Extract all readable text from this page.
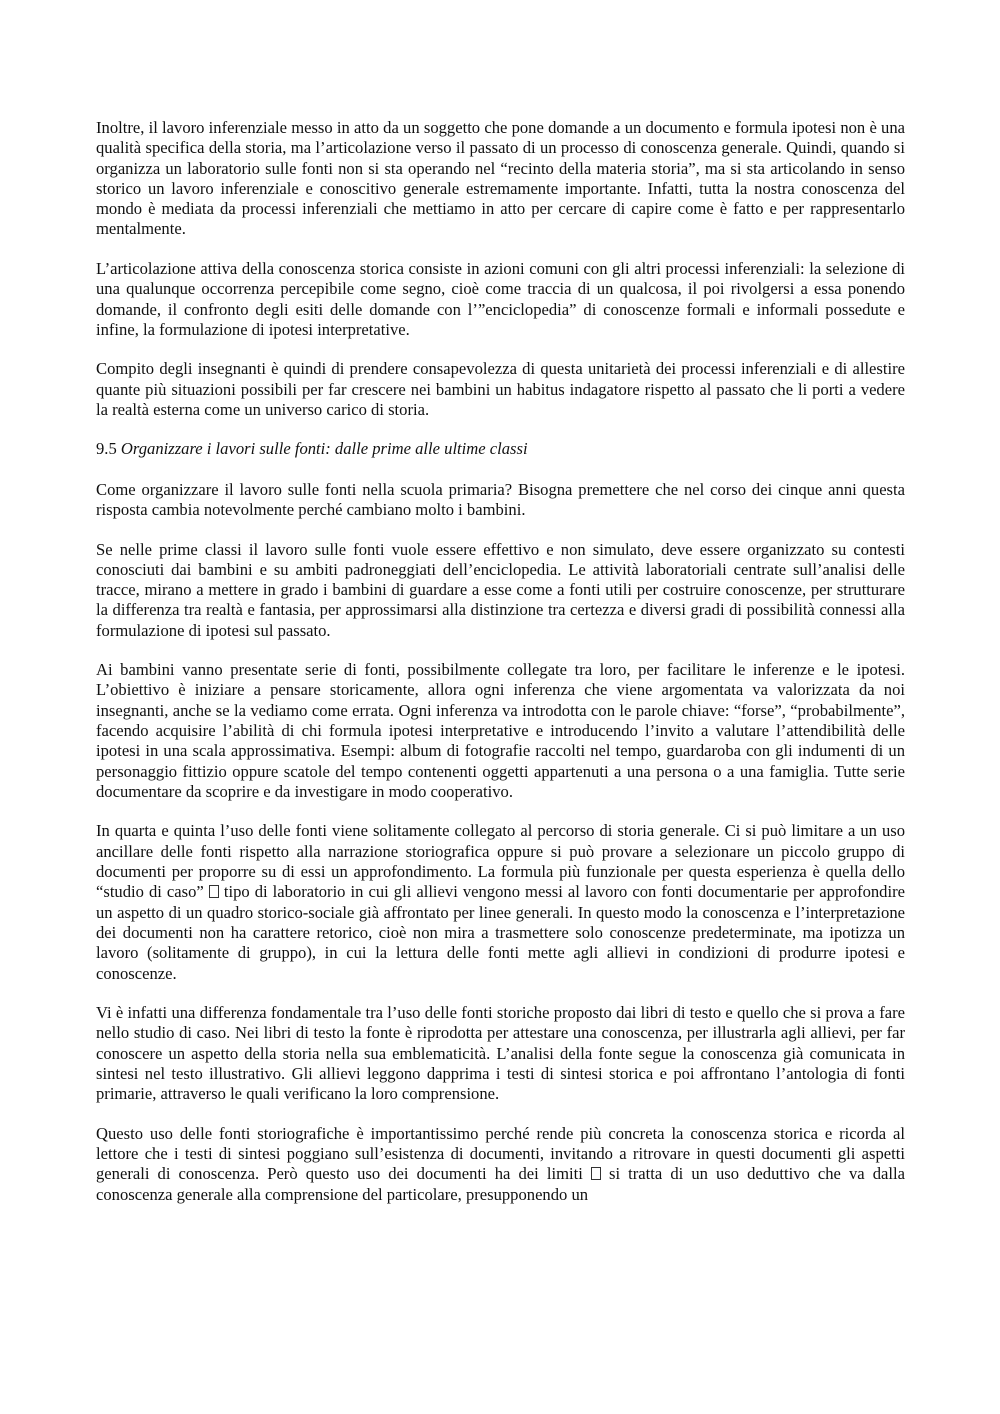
Inoltre, il lavoro inferenziale messo in atto da un soggetto che pone domande a un documento e formula ipotesi non è una qualità specifica della storia, ma l’articolazione verso il passato di un processo di conoscenza generale. Quindi, quando si organizza un laboratorio sulle fonti non si sta operando nel “recinto della materia storia”, ma si sta articolando in senso storico un lavoro inferenziale e conoscitivo generale estremamente importante. Infatti, tutta la nostra conoscenza del mondo è mediata da processi inferenziali che mettiamo in atto per cercare di capire come è fatto e per rappresentarlo mentalmente.

L’articolazione attiva della conoscenza storica consiste in azioni comuni con gli altri processi inferenziali: la selezione di una qualunque occorrenza percepibile come segno, cioè come traccia di un qualcosa, il poi rivolgersi a essa ponendo domande, il confronto degli esiti delle domande con l’”enciclopedia” di conoscenze formali e informali possedute e infine, la formulazione di ipotesi interpretative.

Compito degli insegnanti è quindi di prendere consapevolezza di questa unitarietà dei processi inferenziali e di allestire quante più situazioni possibili per far crescere nei bambini un habitus indagatore rispetto al passato che li porti a vedere la realtà esterna come un universo carico di storia.

9.5 Organizzare i lavori sulle fonti: dalle prime alle ultime classi

Come organizzare il lavoro sulle fonti nella scuola primaria? Bisogna premettere che nel corso dei cinque anni questa risposta cambia notevolmente perché cambiano molto i bambini.

Se nelle prime classi il lavoro sulle fonti vuole essere effettivo e non simulato, deve essere organizzato su contesti conosciuti dai bambini e su ambiti padroneggiati dell’enciclopedia. Le attività laboratoriali centrate sull’analisi delle tracce, mirano a mettere in grado i bambini di guardare a esse come a fonti utili per costruire conoscenze, per strutturare la differenza tra realtà e fantasia, per approssimarsi alla distinzione tra certezza e diversi gradi di possibilità connessi alla formulazione di ipotesi sul passato.

Ai bambini vanno presentate serie di fonti, possibilmente collegate tra loro, per facilitare le inferenze e le ipotesi. L’obiettivo è iniziare a pensare storicamente, allora ogni inferenza che viene argomentata va valorizzata da noi insegnanti, anche se la vediamo come errata. Ogni inferenza va introdotta con le parole chiave: “forse”, “probabilmente”, facendo acquisire l’abilità di chi formula ipotesi interpretative e introducendo l’invito a valutare l’attendibilità delle ipotesi in una scala approssimativa. Esempi: album di fotografie raccolti nel tempo, guardaroba con gli indumenti di un personaggio fittizio oppure scatole del tempo contenenti oggetti appartenuti a una persona o a una famiglia. Tutte serie documentare da scoprire e da investigare in modo cooperativo.

In quarta e quinta l’uso delle fonti viene solitamente collegato al percorso di storia generale. Ci si può limitare a un uso ancillare delle fonti rispetto alla narrazione storiografica oppure si può provare a selezionare un piccolo gruppo di documenti per proporre su di essi un approfondimento. La formula più funzionale per questa esperienza è quella dello “studio di caso” tipo di laboratorio in cui gli allievi vengono messi al lavoro con fonti documentarie per approfondire un aspetto di un quadro storico-sociale già affrontato per linee generali. In questo modo la conoscenza e l’interpretazione dei documenti non ha carattere retorico, cioè non mira a trasmettere solo conoscenze predeterminate, ma ipotizza un lavoro (solitamente di gruppo), in cui la lettura delle fonti mette agli allievi in condizioni di produrre ipotesi e conoscenze.

Vi è infatti una differenza fondamentale tra l’uso delle fonti storiche proposto dai libri di testo e quello che si prova a fare nello studio di caso. Nei libri di testo la fonte è riprodotta per attestare una conoscenza, per illustrarla agli allievi, per far conoscere un aspetto della storia nella sua emblematicità. L’analisi della fonte segue la conoscenza già comunicata in sintesi nel testo illustrativo. Gli allievi leggono dapprima i testi di sintesi storica e poi affrontano l’antologia di fonti primarie, attraverso le quali verificano la loro comprensione.

Questo uso delle fonti storiografiche è importantissimo perché rende più concreta la conoscenza storica e ricorda al lettore che i testi di sintesi poggiano sull’esistenza di documenti, invitando a ritrovare in questi documenti gli aspetti generali di conoscenza. Però questo uso dei documenti ha dei limiti si tratta di un uso deduttivo che va dalla conoscenza generale alla comprensione del particolare, presupponendo un
